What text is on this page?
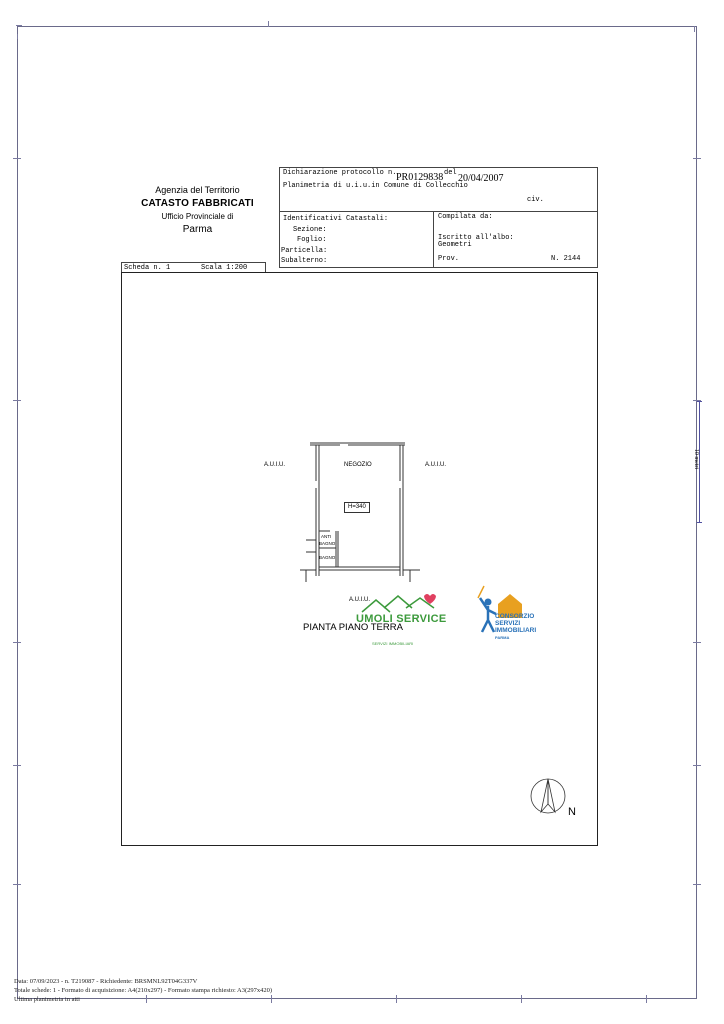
Agenzia del Territorio
CATASTO FABBRICATI
Ufficio Provinciale di
Parma
Dichiarazione protocollo n. PR0129838 del 20/04/2007
Planimetria di u.i.u.in Comune di Collecchio
civ.
Identificativi Catastali:
Sezione:
Foglio:
Particella:
Subalterno:
Compilata da:
Iscritto all'albo:
Geometri
Prov.	N. 2144
Scheda n. 1	Scala 1:200
A.U.I.U.	A.U.I.U.
A.U.I.U.
NEGOZIO
H=340
ANTI
BAGNO
BAGNO
UMOLI SERVICE
SERVIZI IMMOBILIARI
PIANTA PIANO TERRA
CONSORZIO
SERVIZI
IMMOBILIARI
PARMA
N
10 metri
Data: 07/09/2023 - n. T219087 - Richiedente: BRSMNL92T04G337V
Totale schede: 1 - Formato di acquisizione: A4(210x297) - Formato stampa richiesto: A3(297x420)
Ultima planimetria in atti
